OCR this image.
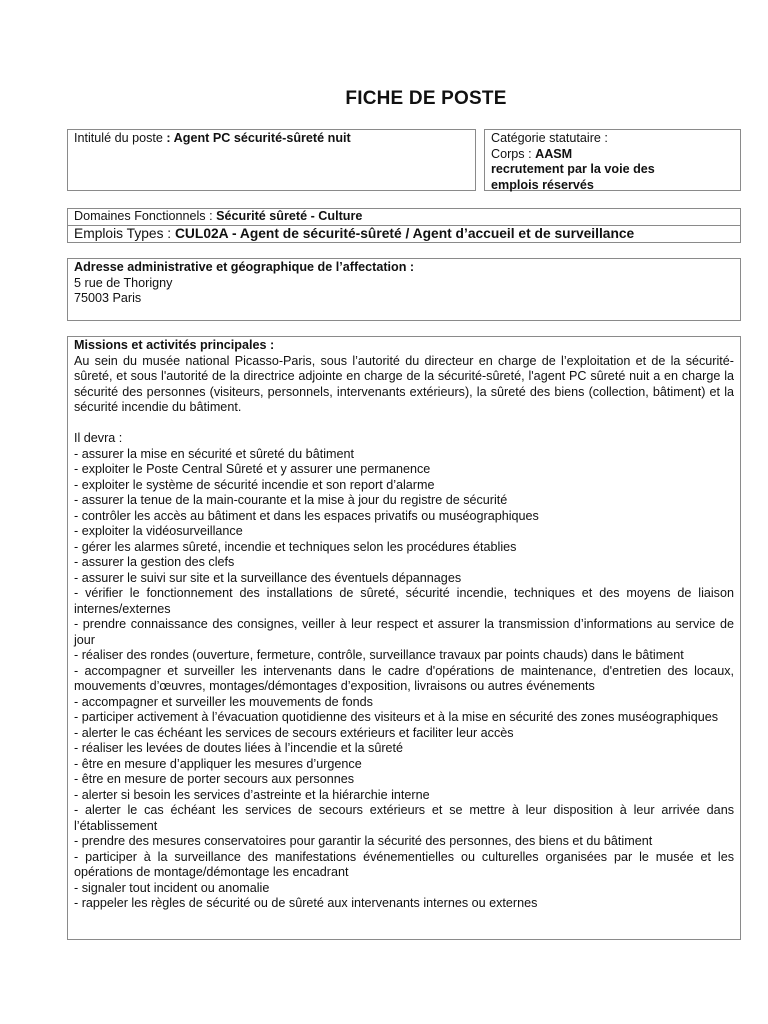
FICHE DE POSTE
Intitulé du poste : Agent PC sécurité-sûreté nuit	Catégorie statutaire :
Corps : AASM
recrutement par la voie des emplois réservés
Domaines Fonctionnels : Sécurité sûreté - Culture
Emplois Types : CUL02A - Agent de sécurité-sûreté / Agent d’accueil et de surveillance
Adresse administrative et géographique de l’affectation :
5 rue de Thorigny
75003 Paris
Missions et activités principales :
Au sein du musée national Picasso-Paris, sous l’autorité du directeur en charge de l’exploitation et de la sécurité-sûreté, et sous l'autorité de la directrice adjointe en charge de la sécurité-sûreté, l'agent PC sûreté nuit a en charge la sécurité des personnes (visiteurs, personnels, intervenants extérieurs), la sûreté des biens (collection, bâtiment) et la sécurité incendie du bâtiment.
Il devra :
- assurer la mise en sécurité et sûreté du bâtiment
- exploiter le Poste Central Sûreté et y assurer une permanence
- exploiter le système de sécurité incendie et son report d’alarme
- assurer la tenue de la main-courante et la mise à jour du registre de sécurité
- contrôler les accès au bâtiment et dans les espaces privatifs ou muséographiques
- exploiter la vidéosurveillance
- gérer les alarmes sûreté, incendie et techniques selon les procédures établies
- assurer la gestion des clefs
- assurer le suivi sur site et la surveillance des éventuels dépannages
- vérifier le fonctionnement des installations de sûreté, sécurité incendie, techniques et des moyens de liaison internes/externes
- prendre connaissance des consignes, veiller à leur respect et assurer la transmission d’informations au service de jour
- réaliser des rondes (ouverture, fermeture, contrôle, surveillance travaux par points chauds) dans le bâtiment
- accompagner et surveiller les intervenants dans le cadre d'opérations de maintenance, d'entretien des locaux, mouvements d’œuvres, montages/démontages d’exposition, livraisons ou autres événements
- accompagner et surveiller les mouvements de fonds
- participer activement à l’évacuation quotidienne des visiteurs et à la mise en sécurité des zones muséographiques
- alerter le cas échéant les services de secours extérieurs et faciliter leur accès
- réaliser les levées de doutes liées à l’incendie et la sûreté
- être en mesure d’appliquer les mesures d’urgence
- être en mesure de porter secours aux personnes
- alerter si besoin les services d’astreinte et la hiérarchie interne
- alerter le cas échéant les services de secours extérieurs et se mettre à leur disposition à leur arrivée dans l’établissement
- prendre des mesures conservatoires pour garantir la sécurité des personnes, des biens et du bâtiment
- participer à la surveillance des manifestations événementielles ou culturelles organisées par le musée et les opérations de montage/démontage les encadrant
- signaler tout incident ou anomalie
- rappeler les règles de sécurité ou de sûreté aux intervenants internes ou externes
